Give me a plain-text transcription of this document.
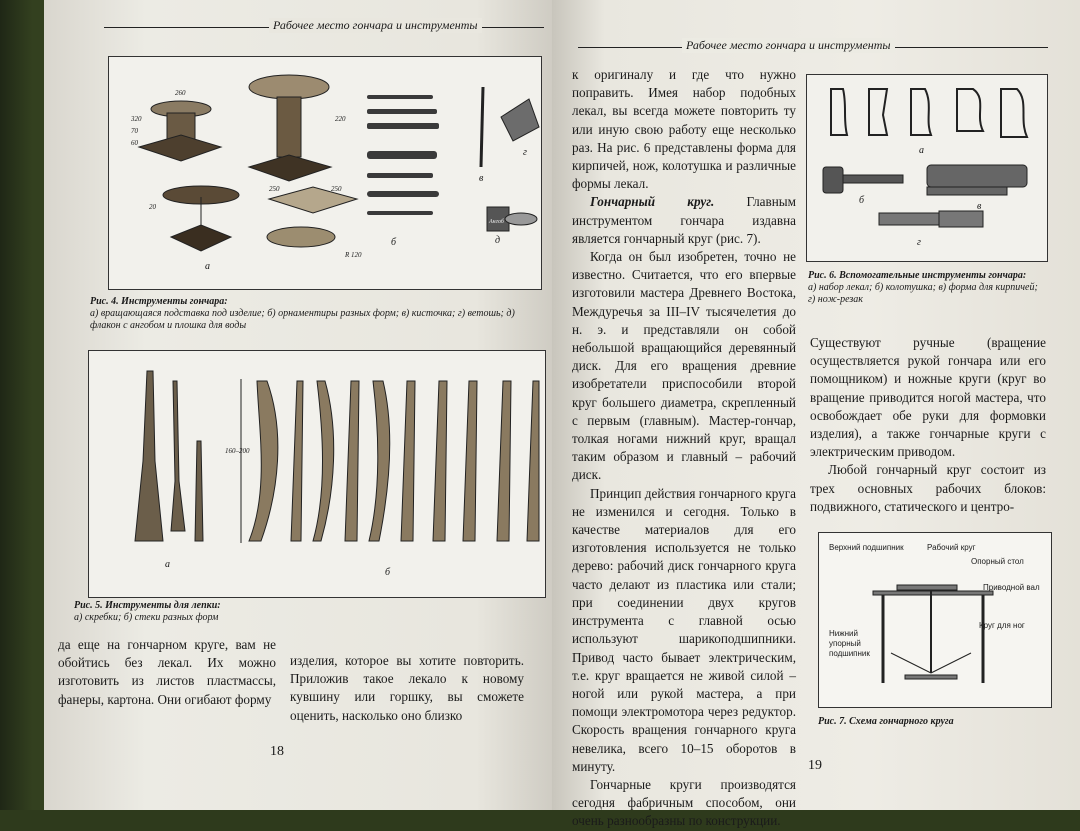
Рабочее место гончара и инструменты
а
б
в
г
д
260
320
70
60
220
250	250
20
R 120
Ангоб
Рис. 4. Инструменты гончара:
а) вращающаяся подставка под изделие; б) орнаментиры разных форм; в) кисточка; г) ветошь; д) флакон с ангобом и плошка для воды
160–200
а
б
Рис. 5. Инструменты для лепки:
а) скребки; б) стеки разных форм

да еще на гончарном круге, вам не обойтись без лекал. Их можно изготовить из листов пластмассы, фанеры, картона. Они огибают форму

изделия, которое вы хотите повторить. Приложив такое лекало к новому кувшину или горшку, вы сможете оценить, насколько оно близко

18
Рабочее место гончара и инструменты

к оригиналу и где что нужно поправить. Имея набор подобных лекал, вы всегда можете повторить ту или иную свою работу еще несколько раз. На рис. 6 представлены форма для кирпичей, нож, колотушка и различные формы лекал.

Гончарный круг. Главным инструментом гончара издавна является гончарный круг (рис. 7).

Когда он был изобретен, точно не известно. Считается, что его впервые изготовили мастера Древнего Востока, Междуречья за III–IV тысячелетия до н. э. и представляли он собой небольшой вращающийся деревянный диск. Для его вращения древние изобретатели приспособили второй круг большего диаметра, скрепленный с первым (главным). Мастер-гончар, толкая ногами нижний круг, вращал таким образом и главный – рабочий диск.

Принцип действия гончарного круга не изменился и сегодня. Только в качестве материалов для его изготовления используется не только дерево: рабочий диск гончарного круга часто делают из пластика или стали; при соединении двух кругов инструмента с главной осью используют шарикоподшипники. Привод часто бывает электрическим, т.е. круг вращается не живой силой – ногой или рукой мастера, а при помощи электромотора через редуктор. Скорость вращения гончарного круга невелика, всего 10–15 оборотов в минуту.

Гончарные круги производятся сегодня фабричным способом, они очень разнообразны по конструкции.

а
б
в
г
Рис. 6. Вспомогательные инструменты гончара:
а) набор лекал; б) колотушка; в) форма для кирпичей; г) нож-резак

Существуют ручные (вращение осуществляется рукой гончара или его помощником) и ножные круги (круг во вращение приводится ногой мастера, что освобождает обе руки для формовки изделия), а также гончарные круги с электрическим приводом.

Любой гончарный круг состоит из трех основных рабочих блоков: подвижного, статического и центро-

Верхний подшипник	Рабочий круг
Опорный стол
Приводной вал
Круг для ног
Нижний
упорный
подшипник
Рис. 7. Схема гончарного круга
19
